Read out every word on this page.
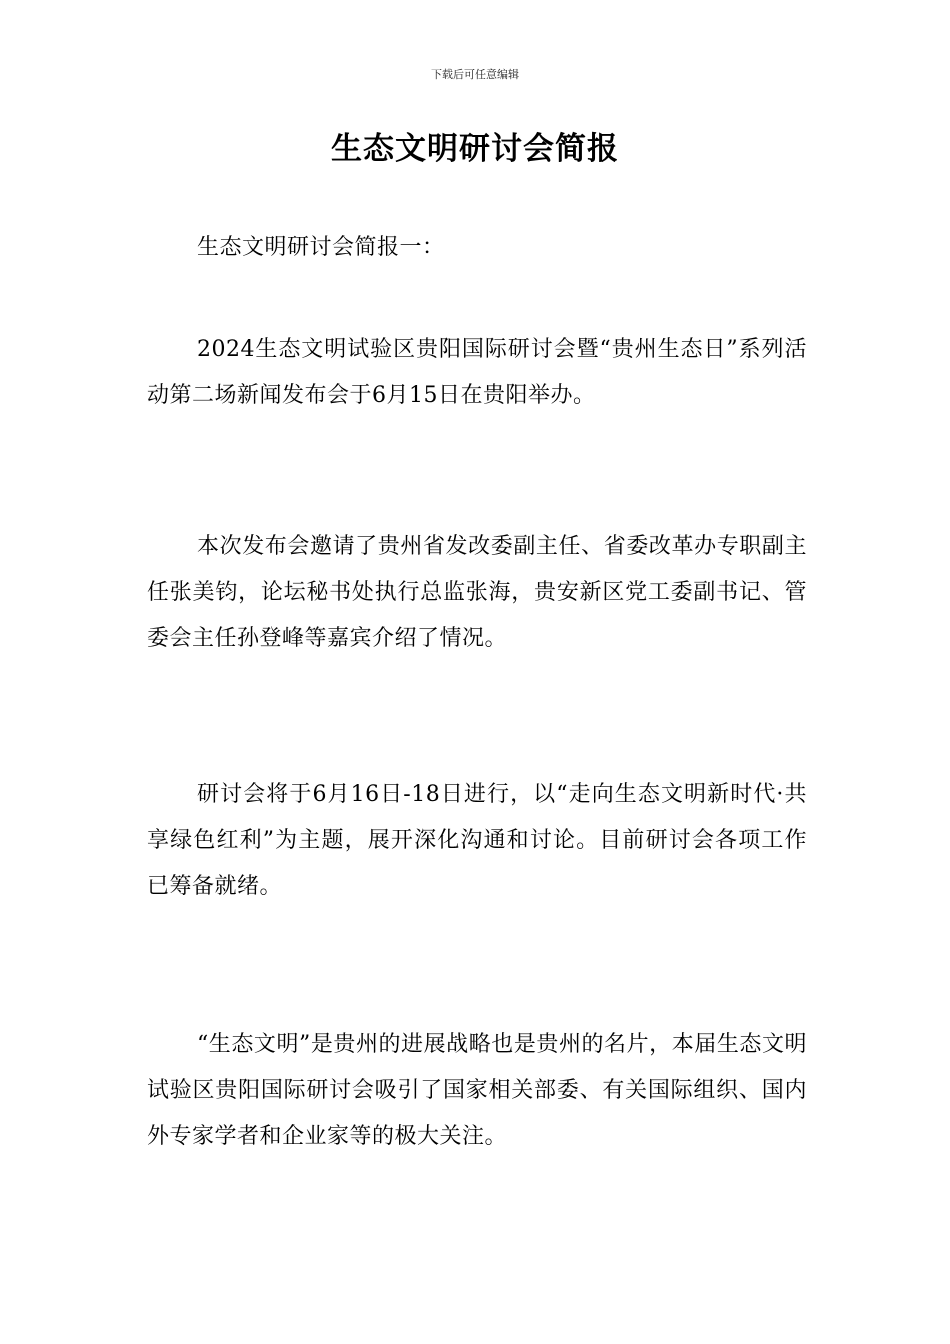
下载后可任意编辑
生态文明研讨会简报

生态文明研讨会简报一：

2024生态文明试验区贵阳国际研讨会暨“贵州生态日”系列活动第二场新闻发布会于6月15日在贵阳举办。

本次发布会邀请了贵州省发改委副主任、省委改革办专职副主任张美钧，论坛秘书处执行总监张海，贵安新区党工委副书记、管委会主任孙登峰等嘉宾介绍了情况。

研讨会将于6月16日-18日进行，以“走向生态文明新时代·共享绿色红利”为主题，展开深化沟通和讨论。目前研讨会各项工作已筹备就绪。

“生态文明”是贵州的进展战略也是贵州的名片，本届生态文明试验区贵阳国际研讨会吸引了国家相关部委、有关国际组织、国内外专家学者和企业家等的极大关注。
